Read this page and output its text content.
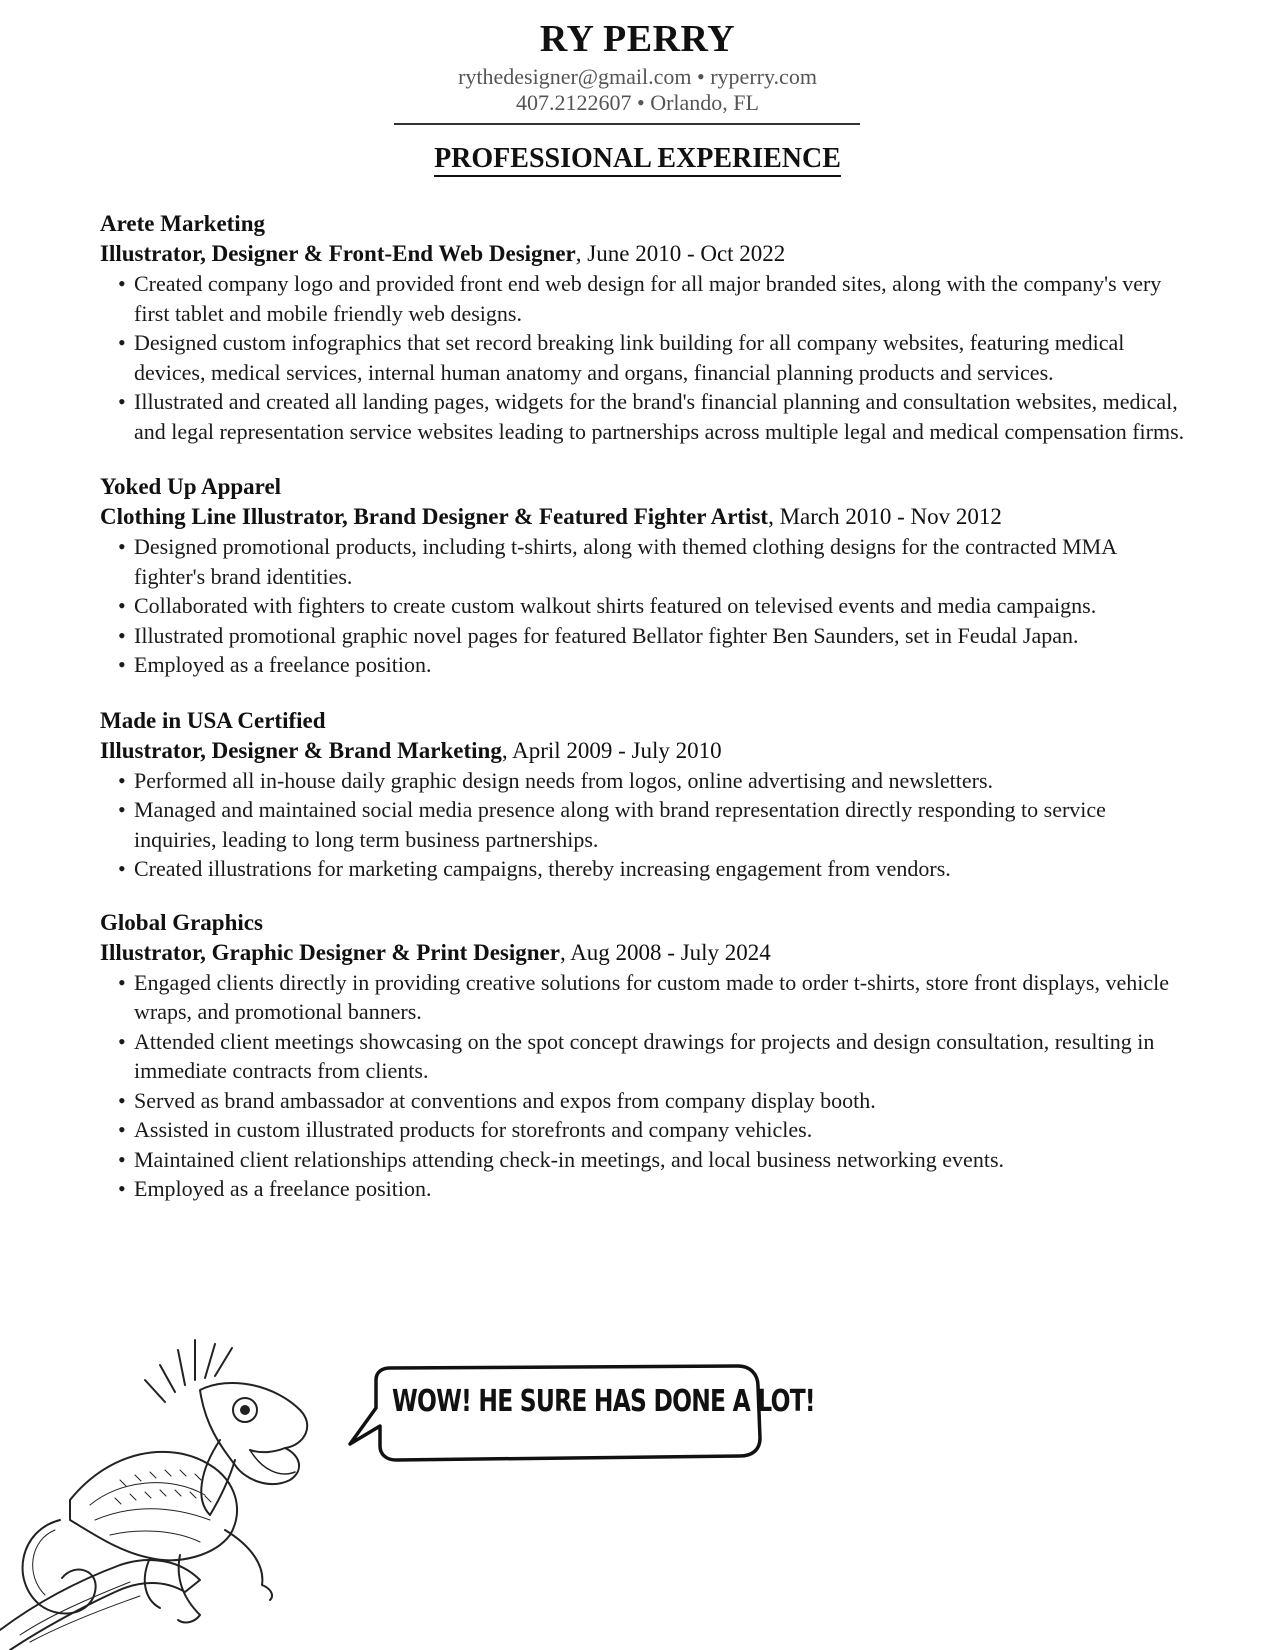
RY PERRY
rythedesigner@gmail.com • ryperry.com
407.2122607 • Orlando, FL
PROFESSIONAL EXPERIENCE
Arete Marketing
Illustrator, Designer & Front-End Web Designer, June 2010 - Oct 2022
• Created company logo and provided front end web design for all major branded sites, along with the company's very first tablet and mobile friendly web designs.
• Designed custom infographics that set record breaking link building for all company websites, featuring medical devices, medical services, internal human anatomy and organs, financial planning products and services.
• Illustrated and created all landing pages, widgets for the brand's financial planning and consultation websites, medical, and legal representation service websites leading to partnerships across multiple legal and medical compensation firms.
Yoked Up Apparel
Clothing Line Illustrator, Brand Designer & Featured Fighter Artist, March 2010 - Nov 2012
• Designed promotional products, including t-shirts, along with themed clothing designs for the contracted MMA fighter's brand identities.
• Collaborated with fighters to create custom walkout shirts featured on televised events and media campaigns.
• Illustrated promotional graphic novel pages for featured Bellator fighter Ben Saunders, set in Feudal Japan.
• Employed as a freelance position.
Made in USA Certified
Illustrator, Designer & Brand Marketing, April 2009 - July 2010
• Performed all in-house daily graphic design needs from logos, online advertising and newsletters.
• Managed and maintained social media presence along with brand representation directly responding to service inquiries, leading to long term business partnerships.
• Created illustrations for marketing campaigns, thereby increasing engagement from vendors.
Global Graphics
Illustrator, Graphic Designer & Print Designer, Aug 2008 - July 2024
• Engaged clients directly in providing creative solutions for custom made to order t-shirts, store front displays, vehicle wraps, and promotional banners.
• Attended client meetings showcasing on the spot concept drawings for projects and design consultation, resulting in immediate contracts from clients.
• Served as brand ambassador at conventions and expos from company display booth.
• Assisted in custom illustrated products for storefronts and company vehicles.
• Maintained client relationships attending check-in meetings, and local business networking events.
• Employed as a freelance position.
WOW! HE SURE HAS DONE A LOT!
